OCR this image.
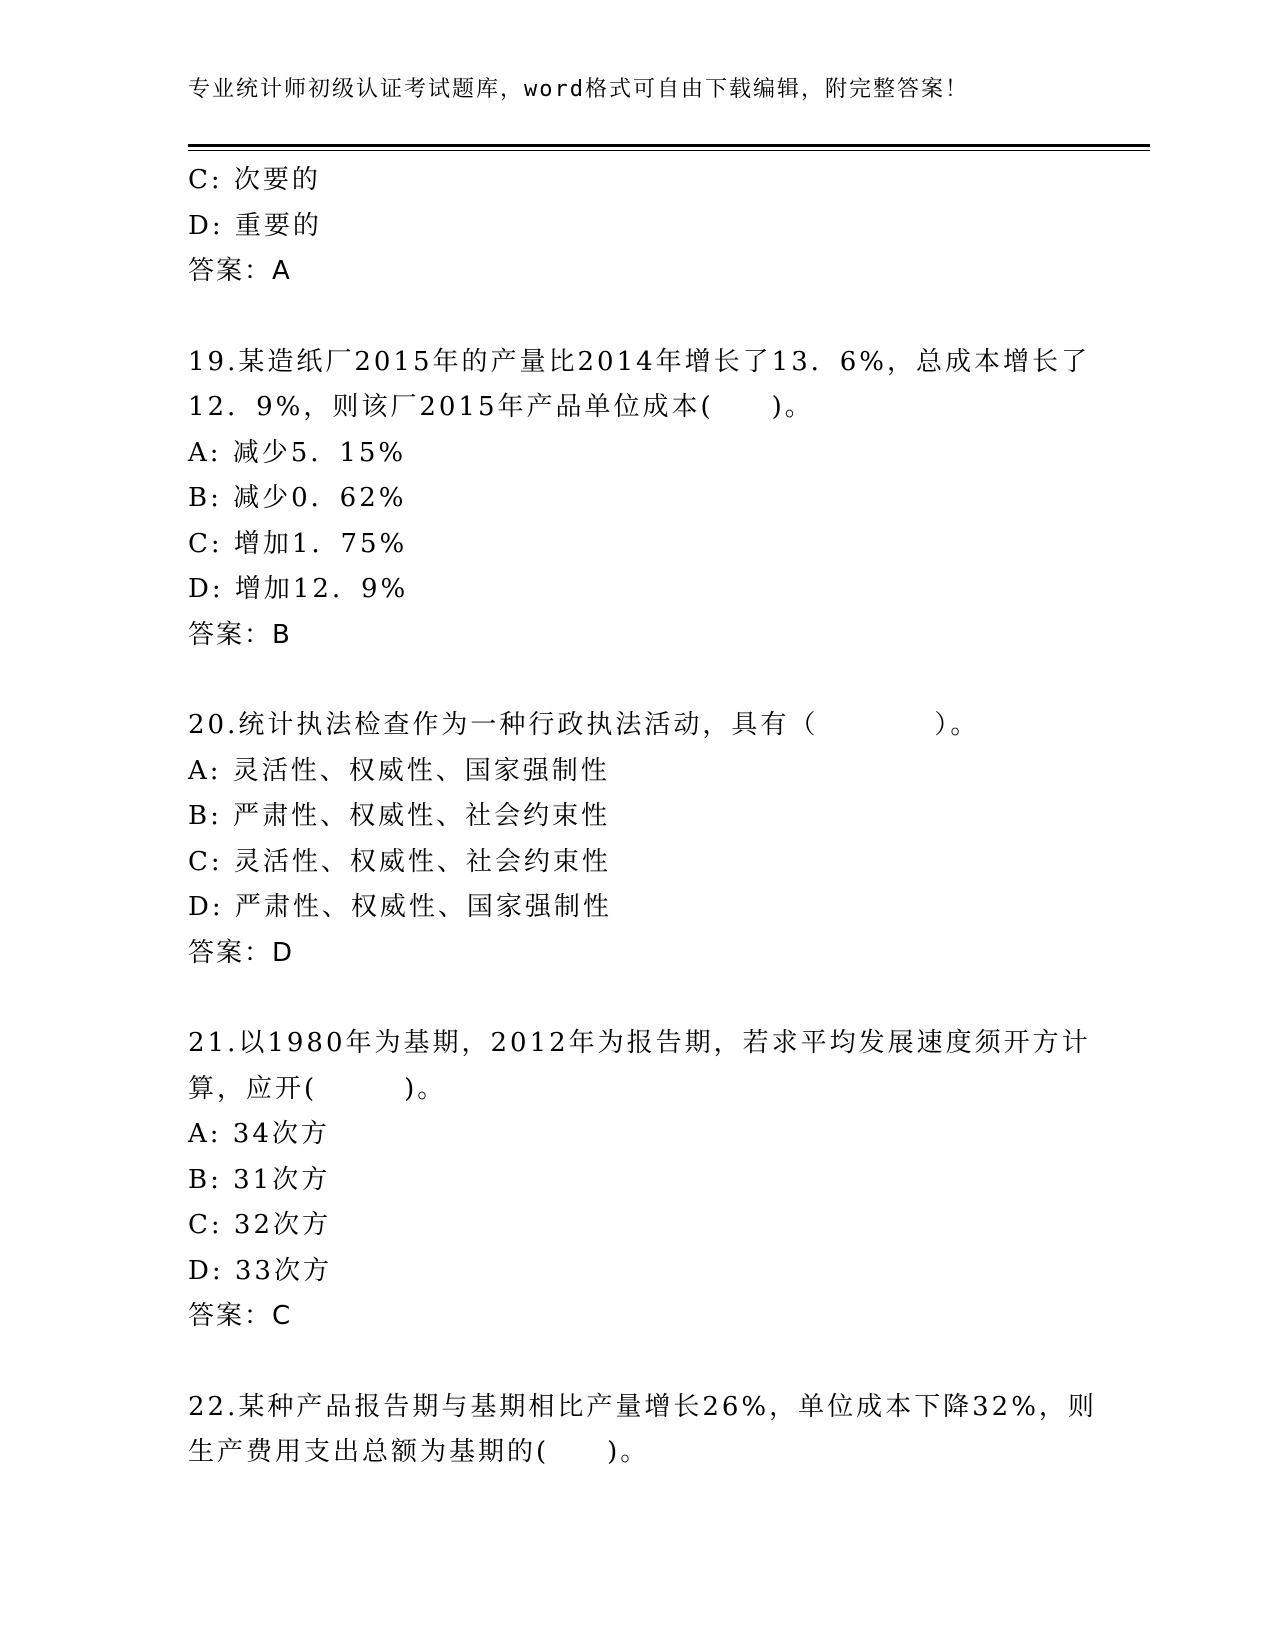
专业统计师初级认证考试题库，word格式可自由下载编辑，附完整答案！
C: 次要的
D: 重要的
答案：A
19.某造纸厂2015年的产量比2014年增长了13．6%，总成本增长了
12．9%，则该厂2015年产品单位成本(　　)。
A: 减少5．15%
B: 减少0．62%
C: 增加1．75%
D: 增加12．9%
答案：B
20.统计执法检查作为一种行政执法活动，具有（　　　　）。
A: 灵活性、权威性、国家强制性
B: 严肃性、权威性、社会约束性
C: 灵活性、权威性、社会约束性
D: 严肃性、权威性、国家强制性
答案：D
21.以1980年为基期，2012年为报告期，若求平均发展速度须开方计
算，应开(　　　)。
A: 34次方
B: 31次方
C: 32次方
D: 33次方
答案：C
22.某种产品报告期与基期相比产量增长26%，单位成本下降32%，则
生产费用支出总额为基期的(　　)。
